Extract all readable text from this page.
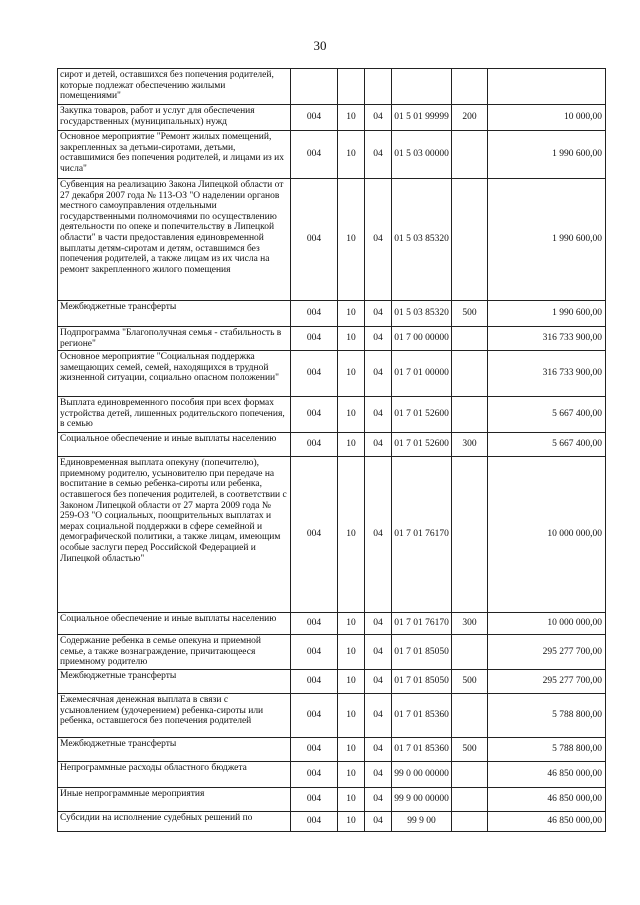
30
сирот и детей, оставшихся без попечения родителей, которые подлежат обеспечению жилыми помещениями"						
Закупка товаров, работ и услуг для обеспечения государственных (муниципальных) нужд	004	10	04	01 5 01 99999	200	10 000,00
Основное мероприятие "Ремонт жилых помещений, закрепленных за детьми-сиротами, детьми, оставшимися без попечения родителей, и лицами из их числа"	004	10	04	01 5 03 00000		1 990 600,00
Субвенция на реализацию Закона Липецкой области от 27 декабря 2007 года № 113-ОЗ "О наделении органов местного самоуправления отдельными государственными полномочиями по осуществлению деятельности по опеке и попечительству в Липецкой области" в части предоставления единовременной выплаты детям-сиротам и детям, оставшимся без попечения родителей, а также лицам из их числа на ремонт закрепленного жилого помещения	004	10	04	01 5 03 85320		1 990 600,00
Межбюджетные трансферты	004	10	04	01 5 03 85320	500	1 990 600,00
Подпрограмма "Благополучная семья - стабильность в регионе"	004	10	04	01 7 00 00000		316 733 900,00
Основное мероприятие "Социальная поддержка замещающих семей, семей, находящихся в трудной жизненной ситуации, социально опасном положении"	004	10	04	01 7 01 00000		316 733 900,00
Выплата единовременного пособия при всех формах устройства детей, лишенных родительского попечения, в семью	004	10	04	01 7 01 52600		5 667 400,00
Социальное обеспечение и иные выплаты населению	004	10	04	01 7 01 52600	300	5 667 400,00
Единовременная выплата опекуну (попечителю), приемному родителю, усыновителю при передаче на воспитание в семью ребенка-сироты или ребенка, оставшегося без попечения родителей, в соответствии с Законом Липецкой области от 27 марта 2009 года № 259-ОЗ "О социальных, поощрительных выплатах и мерах социальной поддержки в сфере семейной и демографической политики, а также лицам, имеющим особые заслуги перед Российской Федерацией и Липецкой областью"	004	10	04	01 7 01 76170		10 000 000,00
Социальное обеспечение и иные выплаты населению	004	10	04	01 7 01 76170	300	10 000 000,00
Содержание ребенка в семье опекуна и приемной семье, а также вознаграждение, причитающееся приемному родителю	004	10	04	01 7 01 85050		295 277 700,00
Межбюджетные трансферты	004	10	04	01 7 01 85050	500	295 277 700,00
Ежемесячная денежная выплата в связи с усыновлением (удочерением) ребенка-сироты или ребенка, оставшегося без попечения родителей	004	10	04	01 7 01 85360		5 788 800,00
Межбюджетные трансферты	004	10	04	01 7 01 85360	500	5 788 800,00
Непрограммные расходы областного бюджета	004	10	04	99 0 00 00000		46 850 000,00
Иные непрограммные мероприятия	004	10	04	99 9 00 00000		46 850 000,00
Субсидии на исполнение судебных решений по	004	10	04	99 9 00		46 850 000,00
